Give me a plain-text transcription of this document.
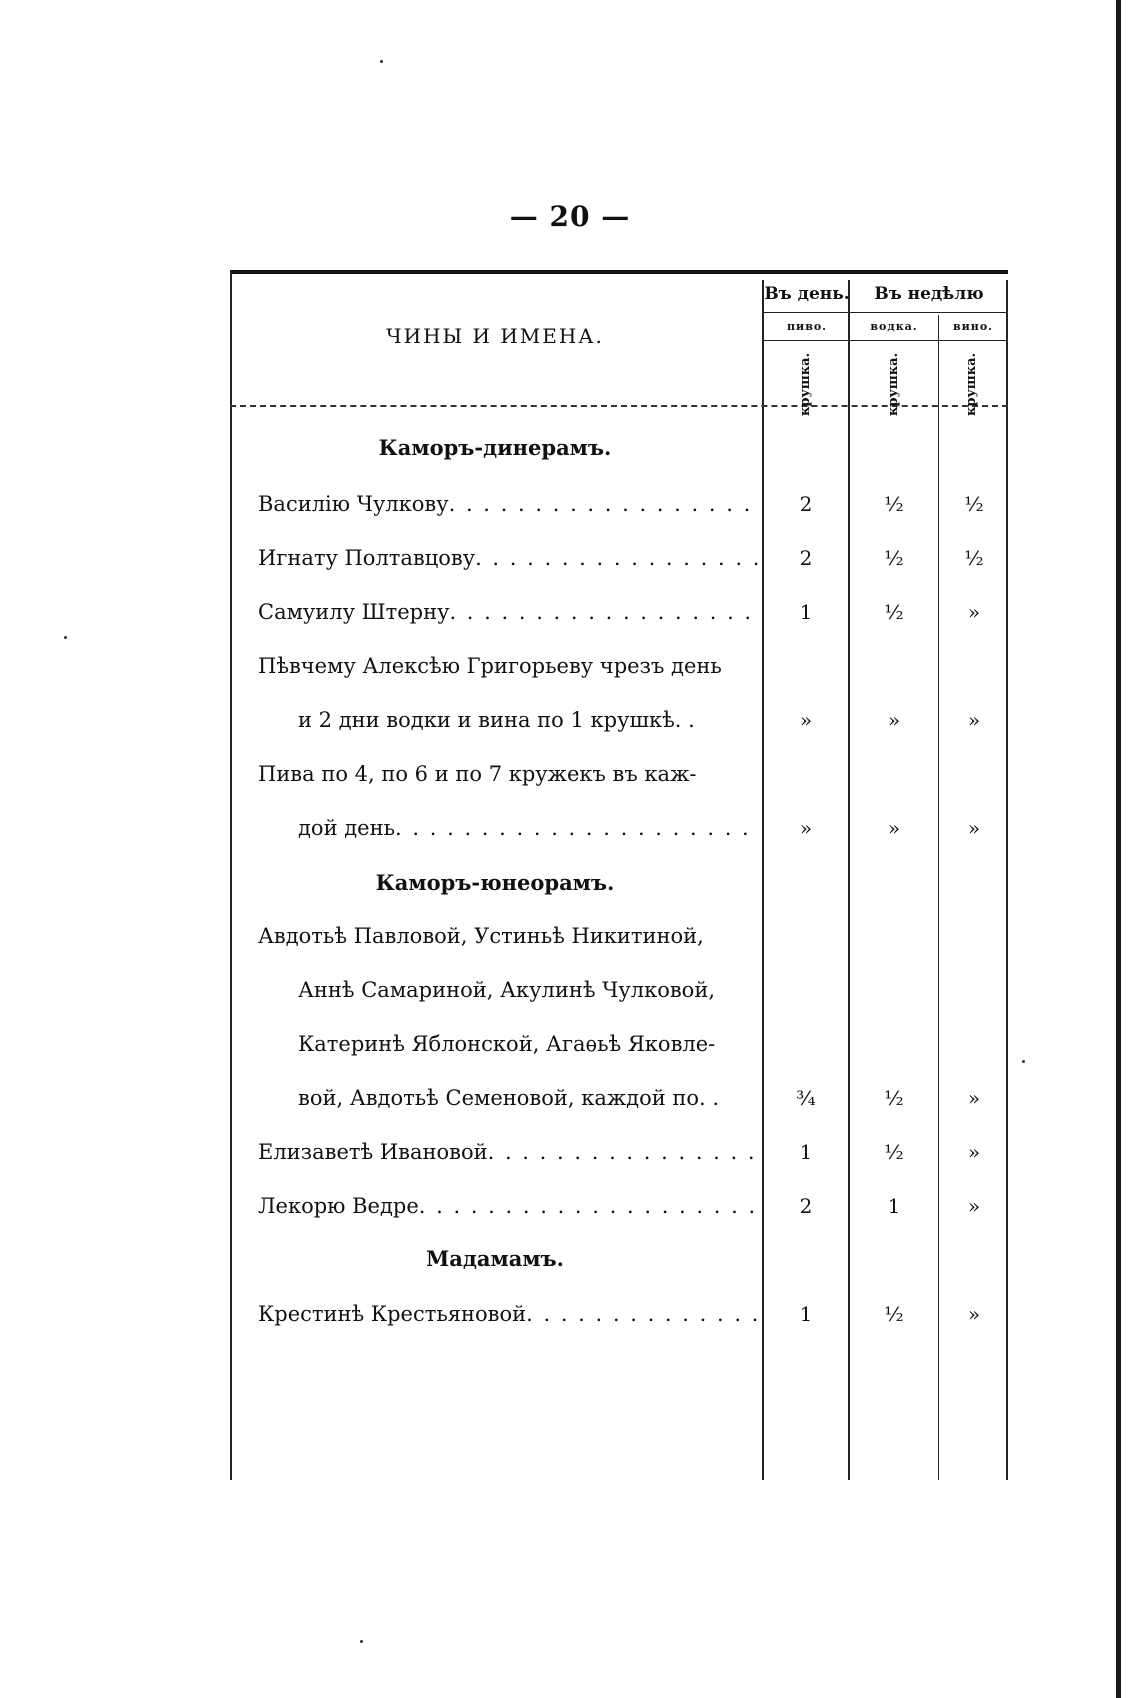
— 20 —
ЧИНЫ И ИМЕНА.
Въ день.	Въ недѣлю
пиво.	водка.	вино.
крушка.	крушка.	крушка.
Каморъ-динерамъ.
Василію Чулкову . . .	2	½	½
Игнату Полтавцову . . .	2	½	½
Самуилу Штерну . . .	1	½	»
Пѣвчему Алексѣю Григорьеву чрезъ день
и 2 дни водки и вина по 1 крушкѣ. .	»	»	»
Пива по 4, по 6 и по 7 кружекъ въ каж-
дой день . . .	»	»	»
Каморъ-юнеорамъ.
Авдотьѣ Павловой, Устиньѣ Никитиной,
Аннѣ Самариной, Акулинѣ Чулковой,
Катеринѣ Яблонской, Агаѳьѣ Яковле-
вой, Авдотьѣ Семеновой, каждой по. .	¾	½	»
Елизаветѣ Ивановой . . .	1	½	»
Лекорю Ведре . . .	2	1	»
Мадамамъ.
Крестинѣ Крестьяновой . . .	1	½	»
